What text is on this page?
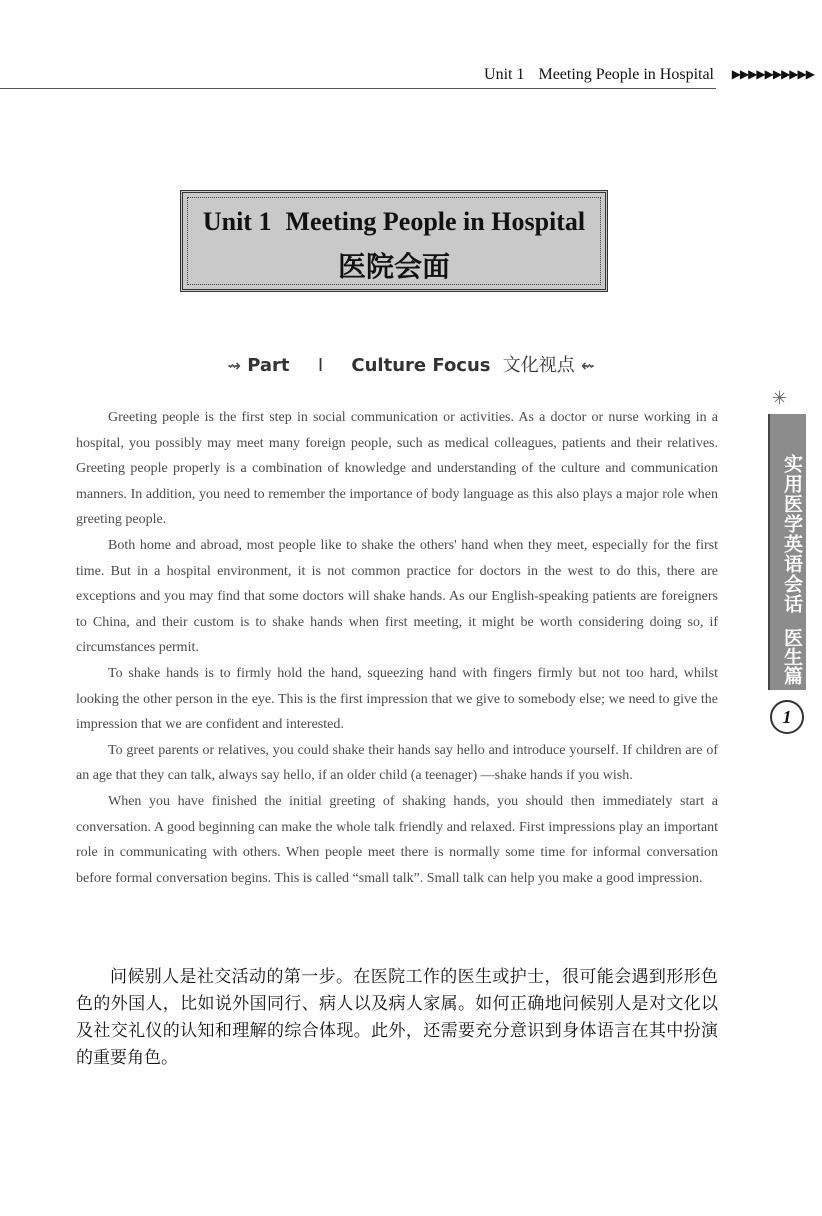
Unit 1 Meeting People in Hospital ▶▶▶▶▶▶▶▶▶▶
Unit 1 Meeting People in Hospital
医院会面
⇝ Part Ⅰ Culture Focus 文化视点 ⇜

Greeting people is the first step in social communication or activities. As a doctor or nurse working in a hospital, you possibly may meet many foreign people, such as medical colleagues, patients and their relatives. Greeting people properly is a combination of knowledge and understanding of the culture and communication manners. In addition, you need to remember the importance of body language as this also plays a major role when greeting people.

Both home and abroad, most people like to shake the others' hand when they meet, especially for the first time. But in a hospital environment, it is not common practice for doctors in the west to do this, there are exceptions and you may find that some doctors will shake hands. As our English-speaking patients are foreigners to China, and their custom is to shake hands when first meeting, it might be worth considering doing so, if circumstances permit.

To shake hands is to firmly hold the hand, squeezing hand with fingers firmly but not too hard, whilst looking the other person in the eye. This is the first impression that we give to somebody else; we need to give the impression that we are confident and interested.

To greet parents or relatives, you could shake their hands say hello and introduce yourself. If children are of an age that they can talk, always say hello, if an older child (a teenager) —shake hands if you wish.

When you have finished the initial greeting of shaking hands, you should then immediately start a conversation. A good beginning can make the whole talk friendly and relaxed. First impressions play an important role in communicating with others. When people meet there is normally some time for informal conversation before formal conversation begins. This is called “small talk”. Small talk can help you make a good impression.

问候别人是社交活动的第一步。在医院工作的医生或护士，很可能会遇到形形色色的外国人，比如说外国同行、病人以及病人家属。如何正确地问候别人是对文化以及社交礼仪的认知和理解的综合体现。此外，还需要充分意识到身体语言在其中扮演的重要角色。
✳
实用医学英语会话
医生篇
1
